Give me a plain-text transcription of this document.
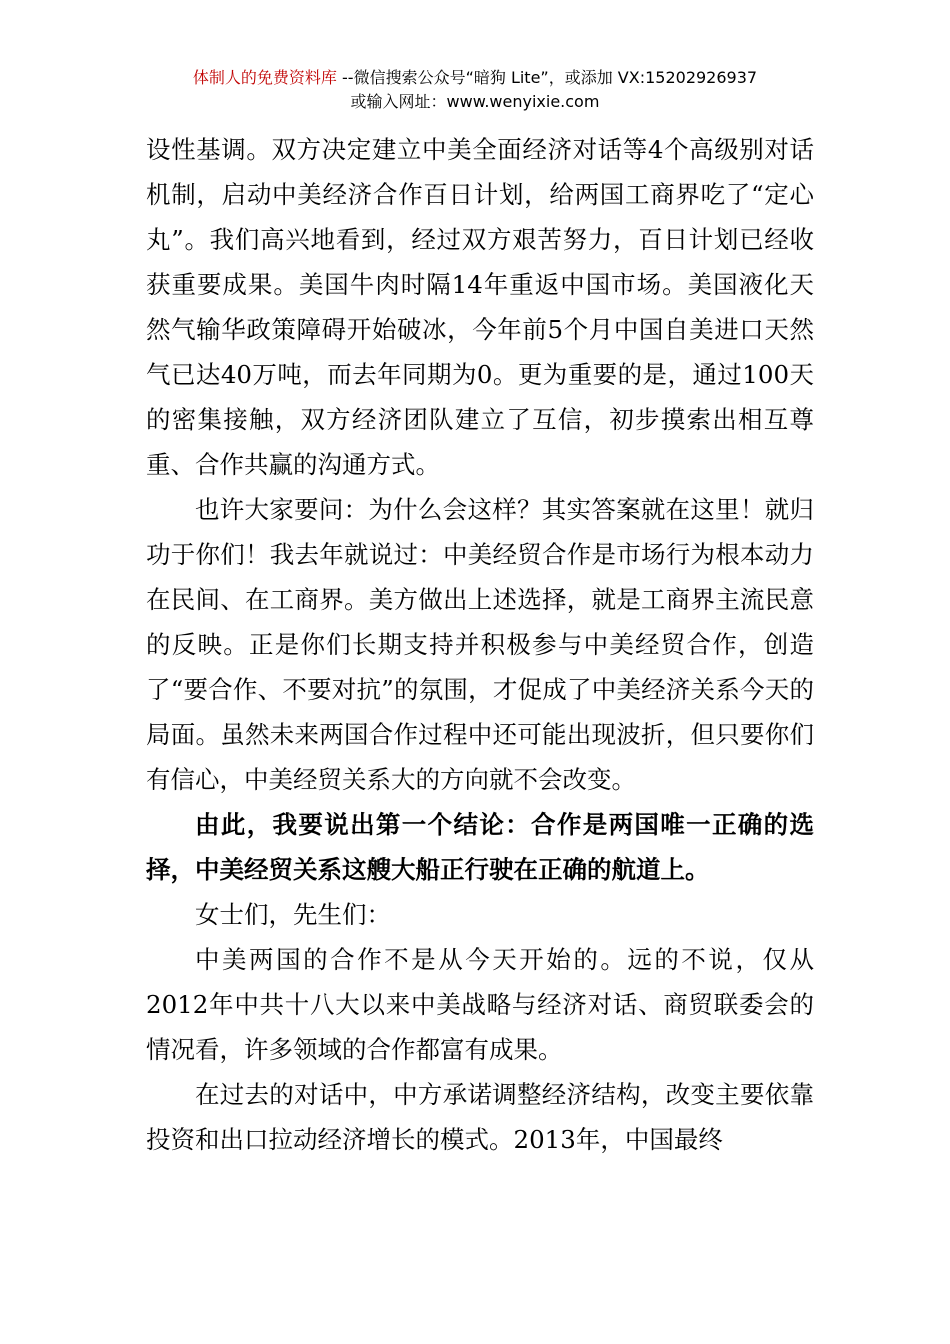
体制人的免费资料库 --微信搜索公众号“暗狗 Lite”，或添加 VX:15202926937
或输入网址：www.wenyixie.com

设性基调。双方决定建立中美全面经济对话等4个高级别对话机制，启动中美经济合作百日计划，给两国工商界吃了“定心丸”。我们高兴地看到，经过双方艰苦努力，百日计划已经收获重要成果。美国牛肉时隔14年重返中国市场。美国液化天然气输华政策障碍开始破冰，今年前5个月中国自美进口天然气已达40万吨，而去年同期为0。更为重要的是，通过100天的密集接触，双方经济团队建立了互信，初步摸索出相互尊重、合作共赢的沟通方式。

也许大家要问：为什么会这样？其实答案就在这里！就归功于你们！我去年就说过：中美经贸合作是市场行为根本动力在民间、在工商界。美方做出上述选择，就是工商界主流民意的反映。正是你们长期支持并积极参与中美经贸合作，创造了“要合作、不要对抗”的氛围，才促成了中美经济关系今天的局面。虽然未来两国合作过程中还可能出现波折，但只要你们有信心，中美经贸关系大的方向就不会改变。

由此，我要说出第一个结论：合作是两国唯一正确的选择，中美经贸关系这艘大船正行驶在正确的航道上。

女士们，先生们：

中美两国的合作不是从今天开始的。远的不说，仅从2012年中共十八大以来中美战略与经济对话、商贸联委会的情况看，许多领域的合作都富有成果。

在过去的对话中，中方承诺调整经济结构，改变主要依靠投资和出口拉动经济增长的模式。2013年，中国最终
